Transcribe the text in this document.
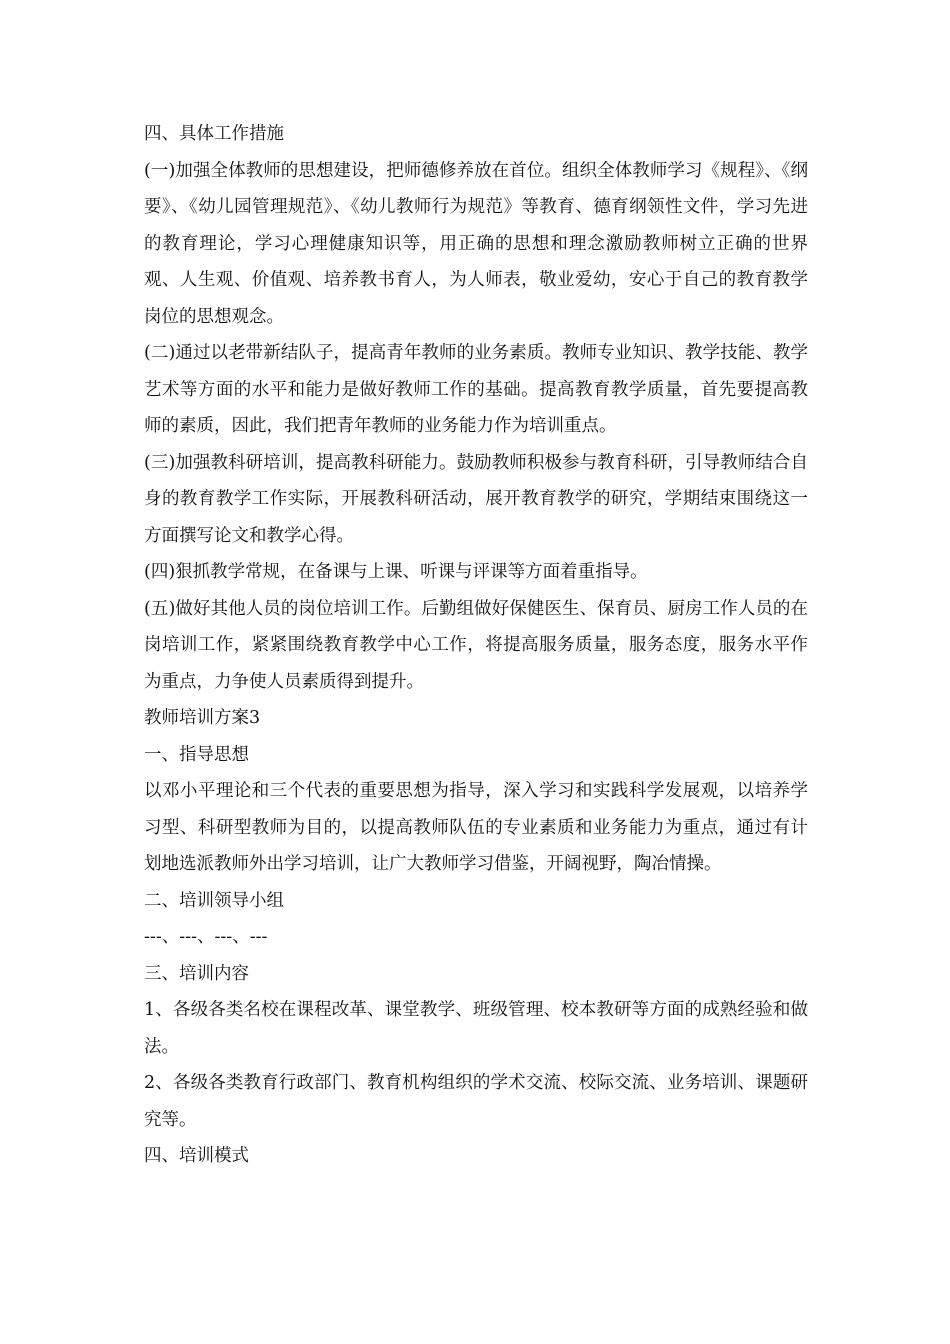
四、具体工作措施

(一)加强全体教师的思想建设，把师德修养放在首位。组织全体教师学习《规程》、《纲要》、《幼儿园管理规范》、《幼儿教师行为规范》等教育、德育纲领性文件，学习先进的教育理论，学习心理健康知识等，用正确的思想和理念激励教师树立正确的世界观、人生观、价值观、培养教书育人，为人师表，敬业爱幼，安心于自己的教育教学岗位的思想观念。

(二)通过以老带新结队子，提高青年教师的业务素质。教师专业知识、教学技能、教学艺术等方面的水平和能力是做好教师工作的基础。提高教育教学质量，首先要提高教师的素质，因此，我们把青年教师的业务能力作为培训重点。

(三)加强教科研培训，提高教科研能力。鼓励教师积极参与教育科研，引导教师结合自身的教育教学工作实际，开展教科研活动，展开教育教学的研究，学期结束围绕这一方面撰写论文和教学心得。

(四)狠抓教学常规，在备课与上课、听课与评课等方面着重指导。

(五)做好其他人员的岗位培训工作。后勤组做好保健医生、保育员、厨房工作人员的在岗培训工作，紧紧围绕教育教学中心工作，将提高服务质量，服务态度，服务水平作为重点，力争使人员素质得到提升。

教师培训方案3

一、指导思想

以邓小平理论和三个代表的重要思想为指导，深入学习和实践科学发展观，以培养学习型、科研型教师为目的，以提高教师队伍的专业素质和业务能力为重点，通过有计划地选派教师外出学习培训，让广大教师学习借鉴，开阔视野，陶冶情操。

二、培训领导小组

---、---、---、---

三、培训内容

1、各级各类名校在课程改革、课堂教学、班级管理、校本教研等方面的成熟经验和做法。

2、各级各类教育行政部门、教育机构组织的学术交流、校际交流、业务培训、课题研究等。

四、培训模式
